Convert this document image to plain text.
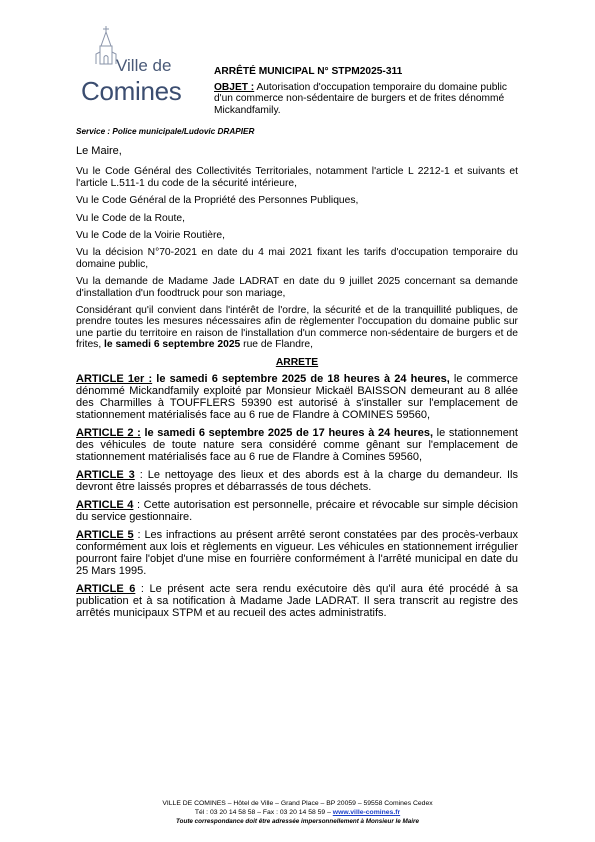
Ville de
Comines
ARRÊTÉ MUNICIPAL N° STPM2025-311
OBJET : Autorisation d'occupation temporaire du domaine public d'un commerce non-sédentaire de burgers et de frites dénommé Mickandfamily.
Service : Police municipale/Ludovic DRAPIER

Le Maire,

Vu le Code Général des Collectivités Territoriales, notamment l'article L 2212-1 et suivants et l'article L.511-1 du code de la sécurité intérieure,

Vu le Code Général de la Propriété des Personnes Publiques,

Vu le Code de la Route,

Vu le Code de la Voirie Routière,

Vu la décision N°70-2021 en date du 4 mai 2021 fixant les tarifs d'occupation temporaire du domaine public,

Vu la demande de Madame Jade LADRAT en date du 9 juillet 2025 concernant sa demande d'installation d'un foodtruck pour son mariage,

Considérant qu'il convient dans l'intérêt de l'ordre, la sécurité et de la tranquillité publiques, de prendre toutes les mesures nécessaires afin de règlementer l'occupation du domaine public sur une partie du territoire en raison de l'installation d'un commerce non-sédentaire de burgers et de frites, le samedi 6 septembre 2025 rue de Flandre,

ARRETE

ARTICLE 1er : le samedi 6 septembre 2025 de 18 heures à 24 heures, le commerce dénommé Mickandfamily exploité par Monsieur Mickaël BAISSON demeurant au 8 allée des Charmilles à TOUFFLERS 59390 est autorisé à s'installer sur l'emplacement de stationnement matérialisés face au 6 rue de Flandre à COMINES 59560,

ARTICLE 2 : le samedi 6 septembre 2025 de 17 heures à 24 heures, le stationnement des véhicules de toute nature sera considéré comme gênant sur l'emplacement de stationnement matérialisés face au 6 rue de Flandre à Comines 59560,

ARTICLE 3 : Le nettoyage des lieux et des abords est à la charge du demandeur. Ils devront être laissés propres et débarrassés de tous déchets.

ARTICLE 4 : Cette autorisation est personnelle, précaire et révocable sur simple décision du service gestionnaire.

ARTICLE 5 : Les infractions au présent arrêté seront constatées par des procès-verbaux conformément aux lois et règlements en vigueur. Les véhicules en stationnement irrégulier pourront faire l'objet d'une mise en fourrière conformément à l'arrêté municipal en date du 25 Mars 1995.

ARTICLE 6 : Le présent acte sera rendu exécutoire dès qu'il aura été procédé à sa publication et à sa notification à Madame Jade LADRAT. Il sera transcrit au registre des arrêtés municipaux STPM et au recueil des actes administratifs.

VILLE DE COMINES – Hôtel de Ville – Grand Place – BP 20059 – 59558 Comines Cedex
Tél : 03 20 14 58 58 – Fax : 03 20 14 58 59 – www.ville-comines.fr
Toute correspondance doit être adressée impersonnellement à Monsieur le Maire
